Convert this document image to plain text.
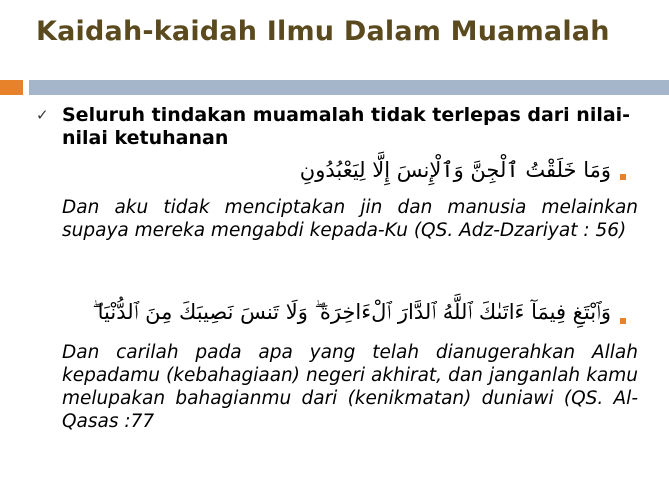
Kaidah-kaidah Ilmu Dalam Muamalah
✓ Seluruh tindakan muamalah tidak terlepas dari nilai-nilai ketuhanan
وَمَا خَلَقْتُ ٱلْجِنَّ وَٱلْإِنسَ إِلَّا لِيَعْبُدُونِ
Dan aku tidak menciptakan jin dan manusia melainkan supaya mereka mengabdi kepada-Ku (QS. Adz-Dzariyat : 56)
وَٱبْتَغِ فِيمَآ ءَاتَىٰكَ ٱللَّهُ ٱلدَّارَ ٱلْءَاخِرَةَ ۖ وَلَا تَنسَ نَصِيبَكَ مِنَ ٱلدُّنْيَا ۖ
Dan carilah pada apa yang telah dianugerahkan Allah kepadamu (kebahagiaan) negeri akhirat, dan janganlah kamu melupakan bahagianmu dari (kenikmatan) duniawi (QS. Al-Qasas :77
